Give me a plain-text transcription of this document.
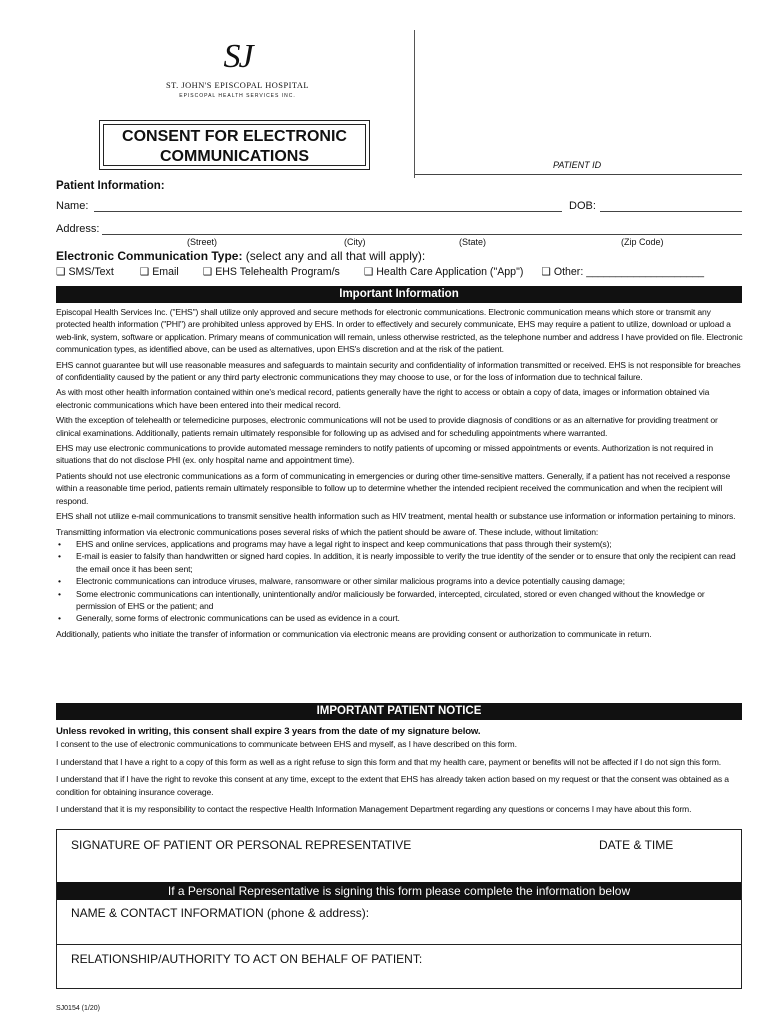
SJ
ST. JOHN'S EPISCOPAL HOSPITAL
EPISCOPAL HEALTH SERVICES INC.
CONSENT FOR ELECTRONIC
COMMUNICATIONS	PATIENT ID
Patient Information:
Name:	DOB:
Address:
(Street)	(City)	(State)	(Zip Code)
Electronic Communication Type: (select any and all that will apply):
❑ SMS/Text ❑ Email ❑ EHS Telehealth Program/s ❑ Health Care Application ("App") ❑ Other: ____________________
Important Information

Episcopal Health Services Inc. ("EHS") shall utilize only approved and secure methods for electronic communications. Electronic communication means which store or transmit any protected health information ("PHI") are prohibited unless approved by EHS. In order to effectively and securely communicate, EHS may require a patient to utilize, download or upload a web-link, system, software or application. Primary means of communication will remain, unless otherwise restricted, as the telephone number and address I have provided on file. Electronic communication types, as identified above, can be used as alternatives, upon EHS's discretion and at the risk of the patient.

EHS cannot guarantee but will use reasonable measures and safeguards to maintain security and confidentiality of information transmitted or received. EHS is not responsible for breaches of confidentiality caused by the patient or any third party electronic communications they may choose to use, or for the loss of information due to technical failure.

As with most other health information contained within one's medical record, patients generally have the right to access or obtain a copy of data, images or information obtained via electronic communications which have been entered into their medical record.

With the exception of telehealth or telemedicine purposes, electronic communications will not be used to provide diagnosis of conditions or as an alternative for providing treatment or clinical examinations. Additionally, patients remain ultimately responsible for following up as advised and for scheduling appointments where warranted.

EHS may use electronic communications to provide automated message reminders to notify patients of upcoming or missed appointments or events. Authorization is not required in situations that do not disclose PHI (ex. only hospital name and appointment time).

Patients should not use electronic communications as a form of communicating in emergencies or during other time-sensitive matters. Generally, if a patient has not received a response within a reasonable time period, patients remain ultimately responsible to follow up to determine whether the intended recipient received the communication and when the recipient will respond.

EHS shall not utilize e-mail communications to transmit sensitive health information such as HIV treatment, mental health or substance use information or information pertaining to minors.

Transmitting information via electronic communications poses several risks of which the patient should be aware of. These include, without limitation:

• EHS and online services, applications and programs may have a legal right to inspect and keep communications that pass through their system(s);
• E-mail is easier to falsify than handwritten or signed hard copies. In addition, it is nearly impossible to verify the true identity of the sender or to ensure that only the recipient can read the email once it has been sent;
• Electronic communications can introduce viruses, malware, ransomware or other similar malicious programs into a device potentially causing damage;
• Some electronic communications can intentionally, unintentionally and/or maliciously be forwarded, intercepted, circulated, stored or even changed without the knowledge or permission of EHS or the patient; and
• Generally, some forms of electronic communications can be used as evidence in a court.

Additionally, patients who initiate the transfer of information or communication via electronic means are providing consent or authorization to communicate in return.

IMPORTANT PATIENT NOTICE
Unless revoked in writing, this consent shall expire 3 years from the date of my signature below.

I consent to the use of electronic communications to communicate between EHS and myself, as I have described on this form.

I understand that I have a right to a copy of this form as well as a right refuse to sign this form and that my health care, payment or benefits will not be affected if I do not sign this form.

I understand that if I have the right to revoke this consent at any time, except to the extent that EHS has already taken action based on my request or that the consent was obtained as a condition for obtaining insurance coverage.

I understand that it is my responsibility to contact the respective Health Information Management Department regarding any questions or concerns I may have about this form.

SIGNATURE OF PATIENT OR PERSONAL REPRESENTATIVE	DATE & TIME
If a Personal Representative is signing this form please complete the information below
NAME & CONTACT INFORMATION (phone & address):
RELATIONSHIP/AUTHORITY TO ACT ON BEHALF OF PATIENT:
SJ0154 (1/20)
